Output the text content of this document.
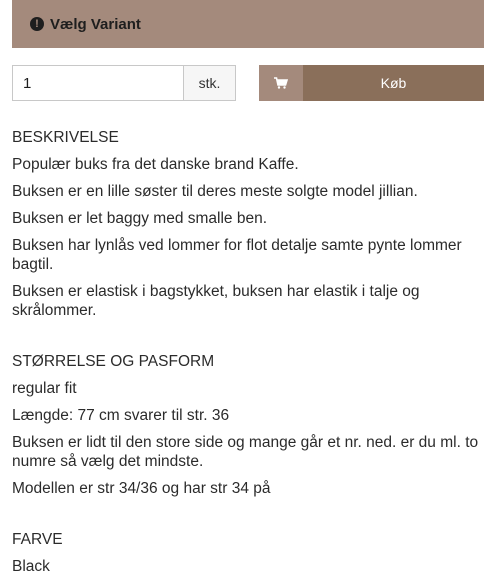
! Vælg Variant
1
stk.	Køb
BESKRIVELSE

Populær buks fra det danske brand Kaffe.

Buksen er en lille søster til deres meste solgte model jillian.

Buksen er let baggy med smalle ben.

Buksen har lynlås ved lommer for flot detalje samte pynte lommer bagtil.

Buksen er elastisk i bagstykket, buksen har elastik i talje og skrålommer.

STØRRELSE OG PASFORM

regular fit

Længde: 77 cm svarer til str. 36

Buksen er lidt til den store side og mange går et nr. ned. er du ml. to numre så vælg det mindste.

Modellen er str 34/36 og har str 34 på

FARVE

Black
